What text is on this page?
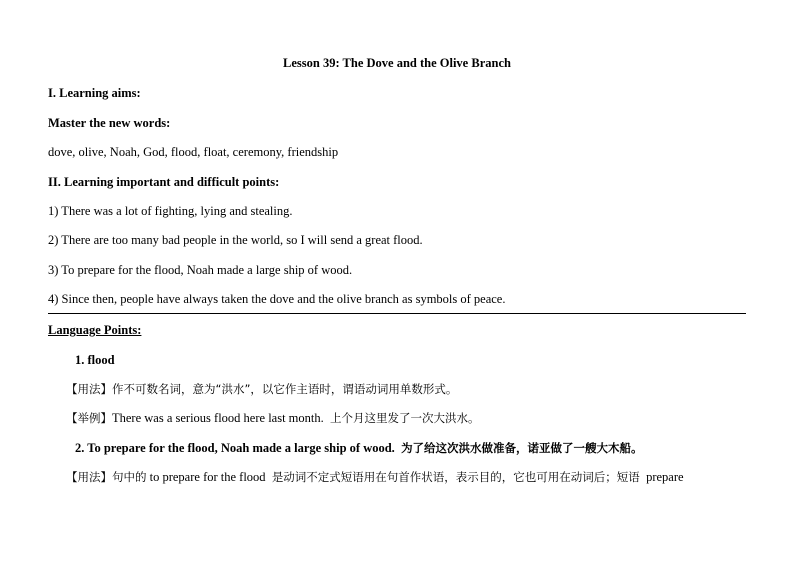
Lesson 39: The Dove and the Olive Branch
I. Learning aims:
Master the new words:
dove, olive, Noah, God, flood, float, ceremony, friendship
II. Learning important and difficult points:
1) There was a lot of fighting, lying and stealing.
2) There are too many bad people in the world, so I will send a great flood.
3) To prepare for the flood, Noah made a large ship of wood.
4) Since then, people have always taken the dove and the olive branch as symbols of peace.
Language Points:
1. flood
【用法】作不可数名词，意为“洪水”，以它作主语时，谓语动词用单数形式。
【举例】There was a serious flood here last month. 上个月这里发了一次大洪水。
2. To prepare for the flood, Noah made a large ship of wood. 为了给这次洪水做准备，诺亚做了一艘大木船。
【用法】句中的 to prepare for the flood 是动词不定式短语用在句首作状语，表示目的，它也可用在动词后；短语 prepare
